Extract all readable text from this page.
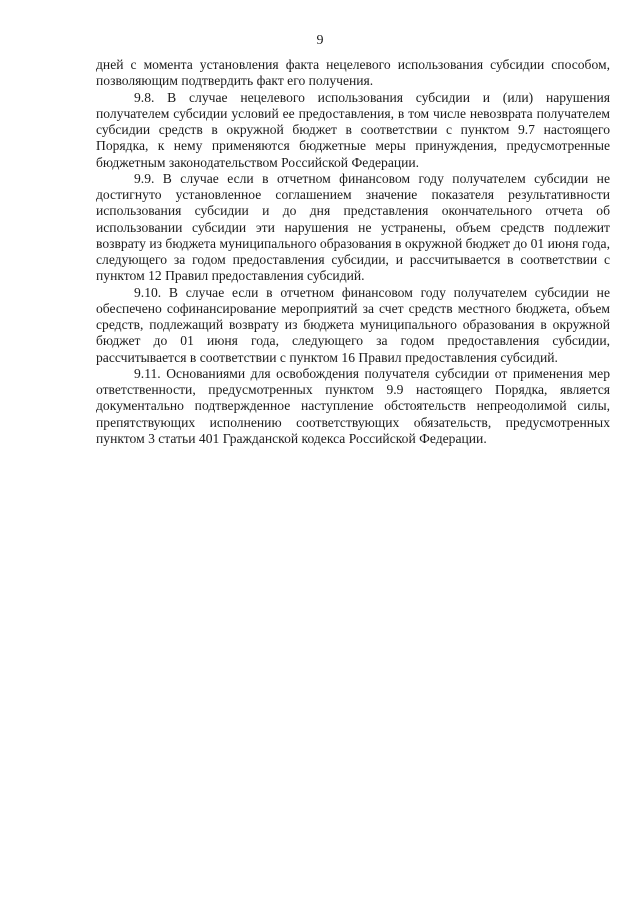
9

дней с момента установления факта нецелевого использования субсидии способом, позволяющим подтвердить факт его получения.

9.8. В случае нецелевого использования субсидии и (или) нарушения получателем субсидии условий ее предоставления, в том числе невозврата получателем субсидии средств в окружной бюджет в соответствии с пунктом 9.7 настоящего Порядка, к нему применяются бюджетные меры принуждения, предусмотренные бюджетным законодательством Российской Федерации.

9.9. В случае если в отчетном финансовом году получателем субсидии не достигнуто установленное соглашением значение показателя результативности использования субсидии и до дня представления окончательного отчета об использовании субсидии эти нарушения не устранены, объем средств подлежит возврату из бюджета муниципального образования в окружной бюджет до 01 июня года, следующего за годом предоставления субсидии, и рассчитывается в соответствии с пунктом 12 Правил предоставления субсидий.

9.10. В случае если в отчетном финансовом году получателем субсидии не обеспечено софинансирование мероприятий за счет средств местного бюджета, объем средств, подлежащий возврату из бюджета муниципального образования в окружной бюджет до 01 июня года, следующего за годом предоставления субсидии, рассчитывается в соответствии с пунктом 16 Правил предоставления субсидий.

9.11. Основаниями для освобождения получателя субсидии от применения мер ответственности, предусмотренных пунктом 9.9 настоящего Порядка, является документально подтвержденное наступление обстоятельств непреодолимой силы, препятствующих исполнению соответствующих обязательств, предусмотренных пунктом 3 статьи 401 Гражданской кодекса Российской Федерации.
